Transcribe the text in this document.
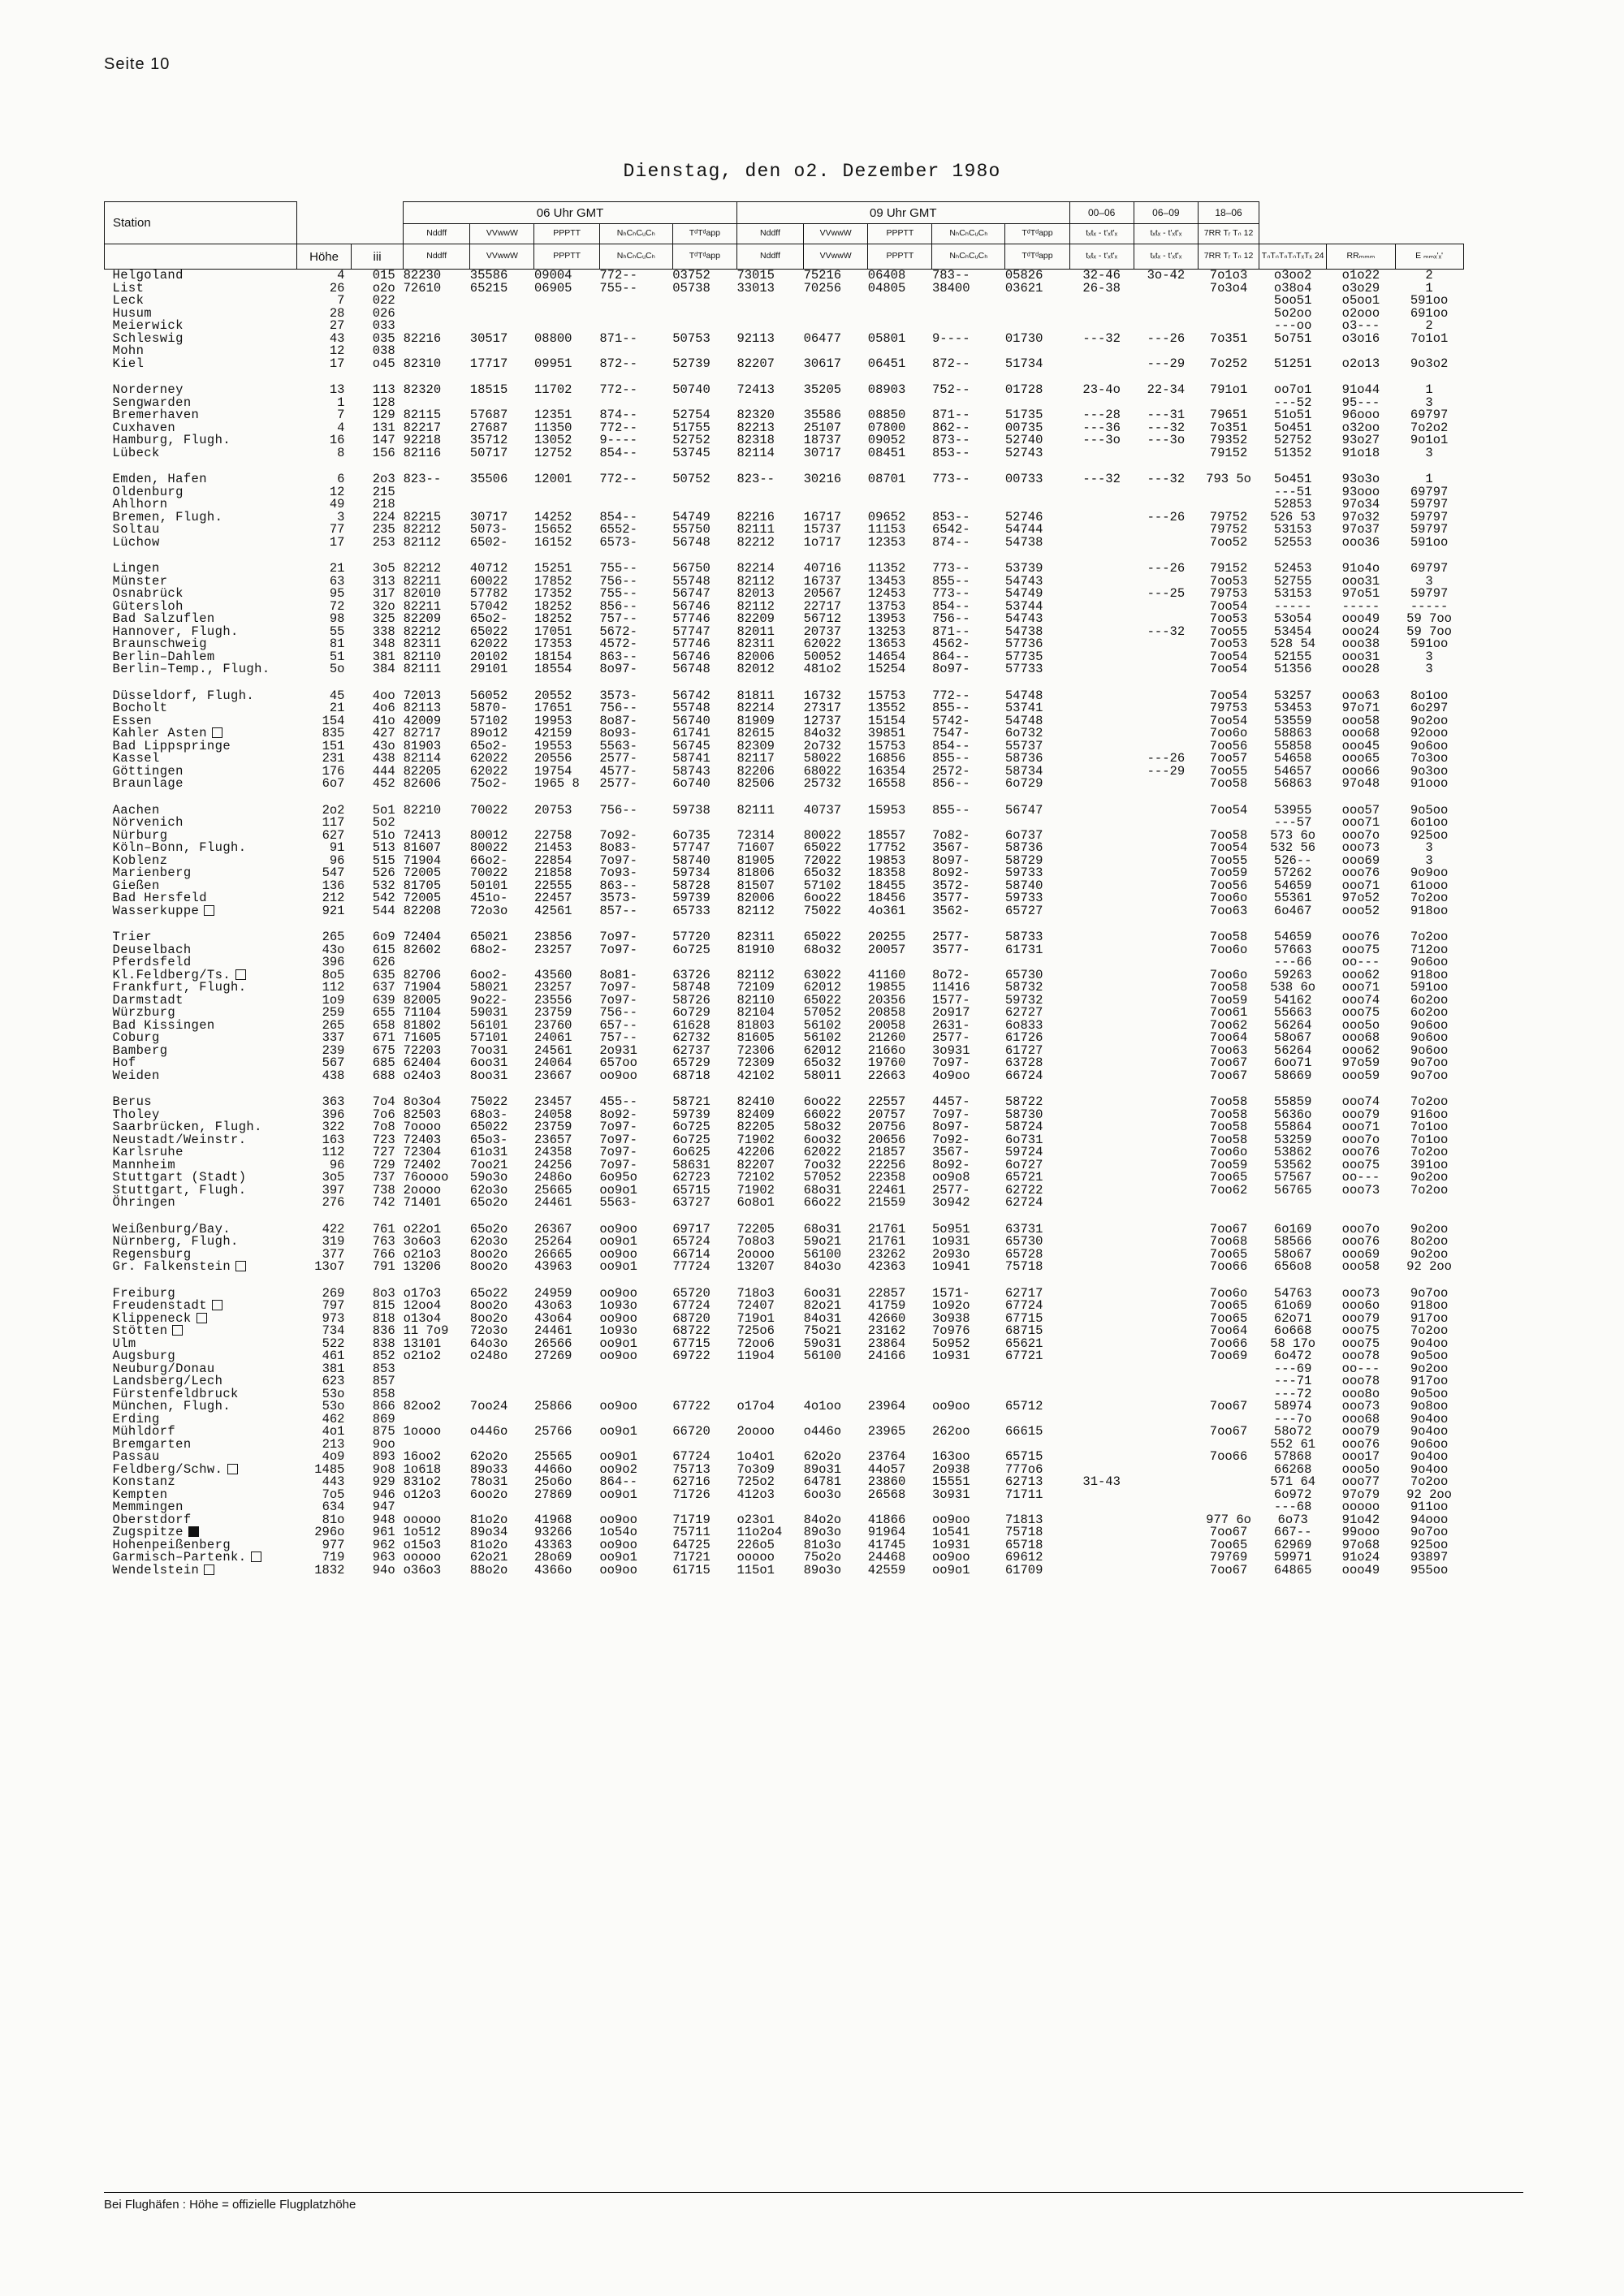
Seite 10
Dienstag, den o2. Dezember 198o
Station			06 Uhr GMT					09 Uhr GMT					00–06	06–09	18–06				
			Nddff	VVwwW	PPPTT	NₕCₕCᵤCₕ	TᵈTᵈapp	Nddff	VVwwW	PPPTT	NₕCₕCᵤCₕ	TᵈTᵈapp	tₓtₓ - t'ₓt'ₓ	tₓtₓ - t'ₓt'ₓ	7RR Tᵣ Tₙ 12				
	Höhe	iii	Nddff	VVwwW	PPPTT	NₕCₕCᵤCₕ	TᵈTᵈapp	Nddff	VVwwW	PPPTT	NₕCₕCᵤCₕ	TᵈTᵈapp	tₓtₓ - t'ₓt'ₓ	tₓtₓ - t'ₓt'ₓ	7RR Tᵣ Tₙ 12	TₙTₙTₙTₙTₓTₓ 24	RRₘₘₘ	E ₘₘₓ'ₓ'	
Helgoland	4	015	82230	35586	09004	772--	03752	73015	75216	06408	783--	05826	32-46	3o-42	7o1o3	o3oo2	o1o22	2	
List	26	o2o	72610	65215	06905	755--	05738	33013	70256	04805	38400	03621	26-38		7o3o4	o38o4	o3o29	1	
Leck	7	022														5oo51	o5oo1	591oo	
Husum	28	026														5o2oo	o2ooo	691oo	
Meierwick	27	033														---oo	o3---	2	
Schleswig	43	035	82216	30517	08800	871--	50753	92113	06477	05801	9----	01730	---32	---26	7o351	5o751	o3o16	7o1o1	
Mohn	12	038																	
Kiel	17	o45	82310	17717	09951	872--	52739	82207	30617	06451	872--	51734		---29	7o252	51251	o2o13	9o3o2	

Norderney	13	113	82320	18515	11702	772--	50740	72413	35205	08903	752--	01728	23-4o	22-34	791o1	oo7o1	91o44	1	
Sengwarden	1	128														---52	95---	3	
Bremerhaven	7	129	82115	57687	12351	874--	52754	82320	35586	08850	871--	51735	---28	---31	79651	51o51	96ooo	69797	
Cuxhaven	4	131	82217	27687	11350	772--	51755	82213	25107	07800	862--	00735	---36	---32	7o351	5o451	o32oo	7o2o2	
Hamburg, Flugh.	16	147	92218	35712	13052	9----	52752	82318	18737	09052	873--	52740	---3o	---3o	79352	52752	93o27	9o1o1	
Lübeck	8	156	82116	50717	12752	854--	53745	82114	30717	08451	853--	52743			79152	51352	91o18	3	

Emden, Hafen	6	2o3	823--	35506	12001	772--	50752	823--	30216	08701	773--	00733	---32	---32	793 5o	5o451	93o3o	1	
Oldenburg	12	215														---51	93ooo	69797	
Ahlhorn	49	218														52853	97o34	59797	
Bremen, Flugh.	3	224	82215	30717	14252	854--	54749	82216	16717	09652	853--	52746		---26	79752	526 53	97o32	59797	
Soltau	77	235	82212	5073-	15652	6552-	55750	82111	15737	11153	6542-	54744			79752	53153	97o37	59797	
Lüchow	17	253	82112	6502-	16152	6573-	56748	82212	1o717	12353	874--	54738			7oo52	52553	ooo36	591oo	

Lingen	21	3o5	82212	40712	15251	755--	56750	82214	40716	11352	773--	53739		---26	79152	52453	91o4o	69797	
Münster	63	313	82211	60022	17852	756--	55748	82112	16737	13453	855--	54743			7oo53	52755	ooo31	3	
Osnabrück	95	317	82010	57782	17352	755--	56747	82013	20567	12453	773--	54749		---25	79753	53153	97o51	59797	
Gütersloh	72	32o	82211	57042	18252	856--	56746	82112	22717	13753	854--	53744			7oo54	-----	-----	-----	
Bad Salzuflen	98	325	82209	65o2-	18252	757--	57746	82209	56712	13953	756--	54743			7oo53	53o54	ooo49	59 7oo	
Hannover, Flugh.	55	338	82212	65022	17051	5672-	57747	82011	20737	13253	871--	54738		---32	7oo55	53454	ooo24	59 7oo	
Braunschweig	81	348	82311	62022	17353	4572-	57746	82311	62022	13653	4562-	57736			7oo53	528 54	ooo38	591oo	
Berlin–Dahlem	51	381	82110	20102	18154	863--	56746	82006	50052	14654	864--	57735			7oo54	52155	ooo31	3	
Berlin–Temp., Flugh.	5o	384	82111	29101	18554	8o97-	56748	82012	481o2	15254	8o97-	57733			7oo54	51356	ooo28	3	

Düsseldorf, Flugh.	45	4oo	72013	56052	20552	3573-	56742	81811	16732	15753	772--	54748			7oo54	53257	ooo63	8o1oo	
Bocholt	21	4o6	82113	5870-	17651	756--	55748	82214	27317	13552	855--	53741			79753	53453	97o71	6o297	
Essen	154	41o	42009	57102	19953	8o87-	56740	81909	12737	15154	5742-	54748			7oo54	53559	ooo58	9o2oo	
Kahler Asten	835	427	82717	89o12	42159	8o93-	61741	82615	84o32	39851	7547-	6o732			7oo6o	58863	ooo68	92ooo	
Bad Lippspringe	151	43o	81903	65o2-	19553	5563-	56745	82309	2o732	15753	854--	55737			7oo56	55858	ooo45	9o6oo	
Kassel	231	438	82114	62022	20556	2577-	58741	82117	58022	16856	855--	58736		---26	7oo57	54658	ooo65	7o3oo	
Göttingen	176	444	82205	62022	19754	4577-	58743	82206	68022	16354	2572-	58734		---29	7oo55	54657	ooo66	9o3oo	
Braunlage	6o7	452	82606	75o2-	1965 8	2577-	6o740	82506	25732	16558	856--	6o729			7oo58	56863	97o48	91ooo	

Aachen	2o2	5o1	82210	70022	20753	756--	59738	82111	40737	15953	855--	56747			7oo54	53955	ooo57	9o5oo	
Nörvenich	117	5o2														---57	ooo71	6o1oo	
Nürburg	627	51o	72413	80012	22758	7o92-	6o735	72314	80022	18557	7o82-	6o737			7oo58	573 6o	ooo7o	925oo	
Köln–Bonn, Flugh.	91	513	81607	80022	21453	8o83-	57747	71607	65022	17752	3567-	58736			7oo54	532 56	ooo73	3	
Koblenz	96	515	71904	66o2-	22854	7o97-	58740	81905	72022	19853	8o97-	58729			7oo55	526--	ooo69	3	
Marienberg	547	526	72005	70022	21858	7o93-	59734	81806	65o32	18358	8o92-	59733			7oo59	57262	ooo76	9o9oo	
Gießen	136	532	81705	50101	22555	863--	58728	81507	57102	18455	3572-	58740			7oo56	54659	ooo71	61ooo	
Bad Hersfeld	212	542	72005	451o-	22457	3573-	59739	82006	6oo22	18456	3577-	59733			7oo6o	55361	97o52	7o2oo	
Wasserkuppe	921	544	82208	72o3o	42561	857--	65733	82112	75022	4o361	3562-	65727			7oo63	6o467	ooo52	918oo	

Trier	265	6o9	72404	65021	23856	7o97-	57720	82311	65022	20255	2577-	58733			7oo58	54659	ooo76	7o2oo	
Deuselbach	43o	615	82602	68o2-	23257	7o97-	6o725	81910	68o32	20057	3577-	61731			7oo6o	57663	ooo75	712oo	
Pferdsfeld	396	626														---66	oo---	9o6oo	
Kl.Feldberg/Ts.	8o5	635	82706	6oo2-	43560	8o81-	63726	82112	63022	41160	8o72-	65730			7oo6o	59263	ooo62	918oo	
Frankfurt, Flugh.	112	637	71904	58021	23257	7o97-	58748	72109	62012	19855	11416	58732			7oo58	538 6o	ooo71	591oo	
Darmstadt	1o9	639	82005	9o22-	23556	7o97-	58726	82110	65022	20356	1577-	59732			7oo59	54162	ooo74	6o2oo	
Würzburg	259	655	71104	59031	23759	756--	6o729	82104	57052	20858	2o917	62727			7oo61	55663	ooo75	6o2oo	
Bad Kissingen	265	658	81802	56101	23760	657--	61628	81803	56102	20058	2631-	6o833			7oo62	56264	ooo5o	9o6oo	
Coburg	337	671	71605	57101	24061	757--	62732	81605	56102	21260	2577-	61726			7oo64	58o67	ooo68	9o6oo	
Bamberg	239	675	72203	7oo31	24561	2o931	62737	72306	62012	2166o	3o931	61727			7oo63	56264	ooo62	9o6oo	
Hof	567	685	62404	6oo31	24064	657oo	65729	72309	65o32	19760	7o97-	63728			7oo67	6oo71	97o59	9o7oo	
Weiden	438	688	o24o3	8oo31	23667	oo9oo	68718	42102	58011	22663	4o9oo	66724			7oo67	58669	ooo59	9o7oo	

Berus	363	7o4	8o3o4	75022	23457	455--	58721	82410	6oo22	22557	4457-	58722			7oo58	55859	ooo74	7o2oo	
Tholey	396	7o6	82503	68o3-	24058	8o92-	59739	82409	66022	20757	7o97-	58730			7oo58	5636o	ooo79	916oo	
Saarbrücken, Flugh.	322	7o8	7oooo	65022	23759	7o97-	6o725	82205	58o32	20756	8o97-	58724			7oo58	55864	ooo71	7o1oo	
Neustadt/Weinstr.	163	723	72403	65o3-	23657	7o97-	6o725	71902	6oo32	20656	7o92-	6o731			7oo58	53259	ooo7o	7o1oo	
Karlsruhe	112	727	72304	61o31	24358	7o97-	6o625	42206	62022	21857	3567-	59724			7oo6o	53862	ooo76	7o2oo	
Mannheim	96	729	72402	7oo21	24256	7o97-	58631	82207	7oo32	22256	8o92-	6o727			7oo59	53562	ooo75	391oo	
Stuttgart (Stadt)	3o5	737	76oooo	59o3o	2486o	6o95o	62723	72102	57052	22358	oo9o8	65721			7oo65	57567	oo---	9o2oo	
Stuttgart, Flugh.	397	738	2oooo	62o3o	25665	oo9o1	65715	71902	68o31	22461	2577-	62722			7oo62	56765	ooo73	7o2oo	
Öhringen	276	742	71401	65o2o	24461	5563-	63727	6o8o1	66o22	21559	3o942	62724							

Weißenburg/Bay.	422	761	o22o1	65o2o	26367	oo9oo	69717	72205	68o31	21761	5o951	63731			7oo67	6o169	ooo7o	9o2oo	
Nürnberg, Flugh.	319	763	3o6o3	62o3o	25264	oo9o1	65724	7o8o3	59o21	21761	1o931	65730			7oo68	58566	ooo76	8o2oo	
Regensburg	377	766	o21o3	8oo2o	26665	oo9oo	66714	2oooo	56100	23262	2o93o	65728			7oo65	58o67	ooo69	9o2oo	
Gr. Falkenstein	13o7	791	13206	8oo2o	43963	oo9o1	77724	13207	84o3o	42363	1o941	75718			7oo66	656o8	ooo58	92 2oo	

Freiburg	269	8o3	o17o3	65o22	24959	oo9oo	65720	718o3	6oo31	22857	1571-	62717			7oo6o	54763	ooo73	9o7oo	
Freudenstadt	797	815	12oo4	8oo2o	43o63	1o93o	67724	72407	82o21	41759	1o92o	67724			7oo65	61o69	ooo6o	918oo	
Klippeneck	973	818	o13o4	8oo2o	43o64	oo9oo	68720	719o1	84o31	42660	3o938	67715			7oo65	62o71	ooo79	917oo	
Stötten	734	836	11 7o9	72o3o	24461	1o93o	68722	725o6	75o21	23162	7o976	68715			7oo64	6o668	ooo75	7o2oo	
Ulm	522	838	13101	64o3o	26566	oo9o1	67715	72oo6	59o31	23864	5o952	65621			7oo66	58 17o	ooo75	9o4oo	
Augsburg	461	852	o21o2	o248o	27269	oo9oo	69722	119o4	56100	24166	1o931	67721			7oo69	6o472	ooo78	9o5oo	
Neuburg/Donau	381	853														---69	oo---	9o2oo	
Landsberg/Lech	623	857														---71	ooo78	917oo	
Fürstenfeldbruck	53o	858														---72	ooo8o	9o5oo	
München, Flugh.	53o	866	82oo2	7oo24	25866	oo9oo	67722	o17o4	4o1oo	23964	oo9oo	65712			7oo67	58974	ooo73	9o8oo	
Erding	462	869														---7o	ooo68	9o4oo	
Mühldorf	4o1	875	1oooo	o446o	25766	oo9o1	66720	2oooo	o446o	23965	262oo	66615			7oo67	58o72	ooo79	9o4oo	
Bremgarten	213	9oo														552 61	ooo76	9o6oo	
Passau	4o9	893	16oo2	62o2o	25565	oo9o1	67724	1o4o1	62o2o	23764	163oo	65715			7oo66	57868	ooo17	9o4oo	
Feldberg/Schw.	1485	9o8	1o618	89o33	4466o	oo9o2	75713	7o3o9	89o31	44o57	2o938	777o6				66268	ooo5o	9o4oo	
Konstanz	443	929	831o2	78o31	25o6o	864--	62716	725o2	64781	23860	15551	62713	31-43			571 64	ooo77	7o2oo	
Kempten	7o5	946	o12o3	6oo2o	27869	oo9o1	71726	412o3	6oo3o	26568	3o931	71711				6o972	97o79	92 2oo	
Memmingen	634	947														---68	ooooo	911oo	
Oberstdorf	81o	948	ooooo	81o2o	41968	oo9oo	71719	o23o1	84o2o	41866	oo9oo	71813			977 6o	6o73	91o42	94ooo	
Zugspitze	296o	961	1o512	89o34	93266	1o54o	75711	11o2o4	89o3o	91964	1o541	75718			7oo67	667--	99ooo	9o7oo	
Hohenpeißenberg	977	962	o15o3	81o2o	43363	oo9oo	64725	226o5	81o3o	41745	1o931	65718			7oo65	62969	97o68	925oo	
Garmisch–Partenk.	719	963	ooooo	62o21	28o69	oo9o1	71721	ooooo	75o2o	24468	oo9oo	69612			79769	59971	91o24	93897	
Wendelstein	1832	94o	o36o3	88o2o	4366o	oo9oo	61715	115o1	89o3o	42559	oo9o1	61709			7oo67	64865	ooo49	955oo	
Bei Flughäfen : Höhe = offizielle Flugplatzhöhe
